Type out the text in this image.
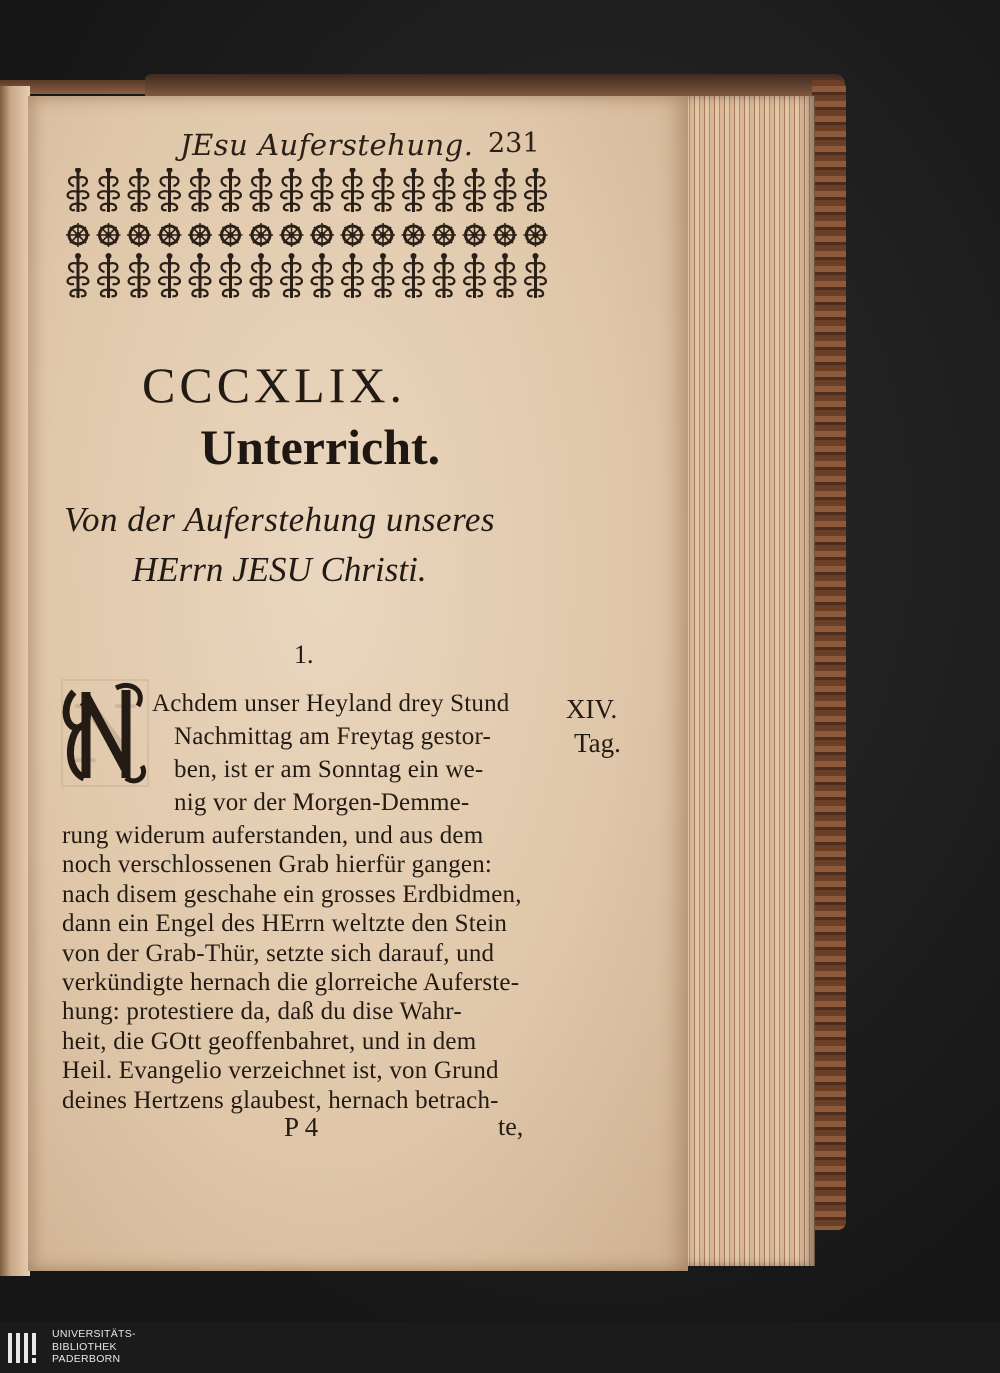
JEsu Auferstehung. 231
CCCXLIX.
Unterricht.
Von der Auferstehung unseres
HErrn JESU Christi.
1.
N Achdem unser Heyland drey Stund
Nachmittag am Freytag gestor-
ben, ist er am Sonntag ein we-
nig vor der Morgen-Demme-
rung widerum auferstanden, und aus dem
noch verschlossenen Grab hierfür gangen:
nach disem geschahe ein grosses Erdbidmen,
dann ein Engel des HErrn weltzte den Stein
von der Grab-Thür, setzte sich darauf, und
verkündigte hernach die glorreiche Auferste-
hung: protestiere da, daß du dise Wahr-
heit, die GOtt geoffenbahret, und in dem
Heil. Evangelio verzeichnet ist, von Grund
XIV.
Tag.
P 4	te,
UNIVERSITÄTS-
BIBLIOTHEK
PADERBORN
deines Hertzens glaubest, hernach betrach-
